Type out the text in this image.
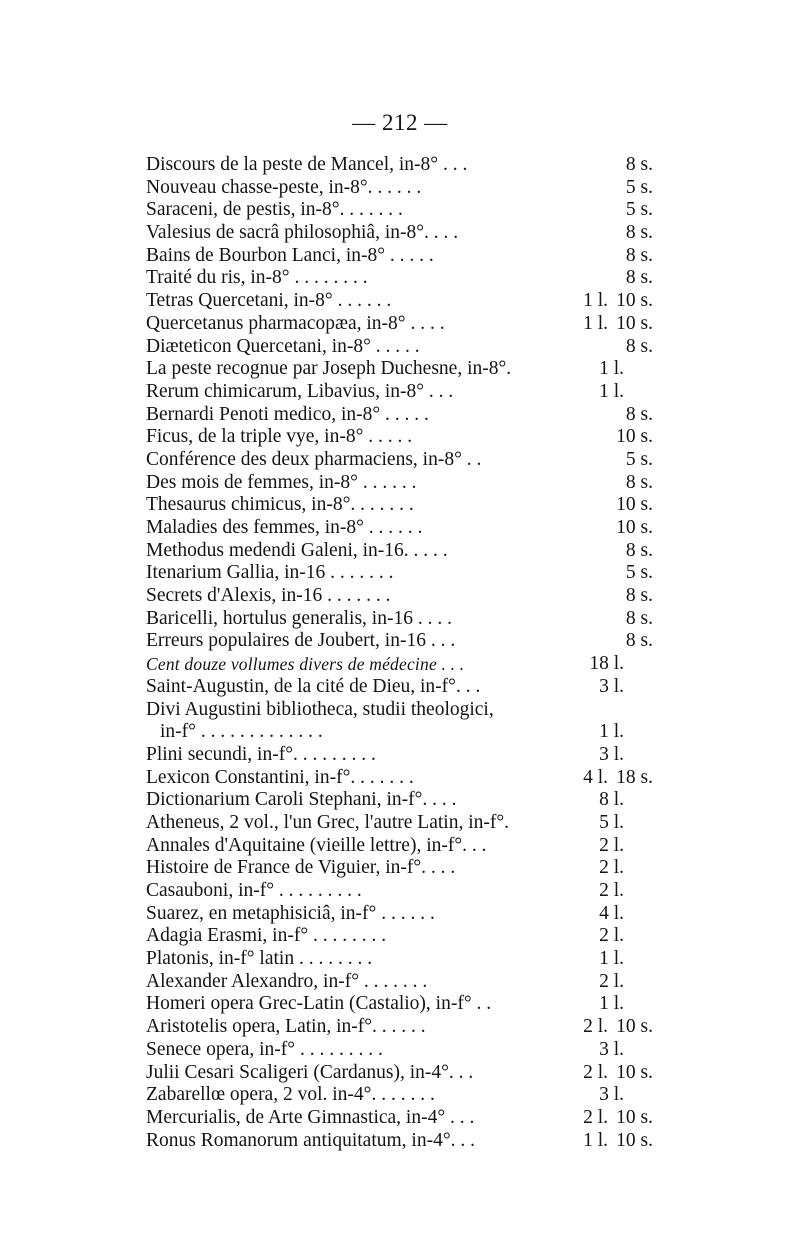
— 212 —
Discours de la peste de Mancel, in-8° . . .	8 s.
Nouveau chasse-peste, in-8°. . . . . .	5 s.
Saraceni, de pestis, in-8°. . . . . . .	5 s.
Valesius de sacrâ philosophiâ, in-8°. . . .	8 s.
Bains de Bourbon Lanci, in-8° . . . . .	8 s.
Traité du ris, in-8° . . . . . . . .	8 s.
Tetras Quercetani, in-8° . . . . . .	1 l. 10 s.
Quercetanus pharmacopæa, in-8° . . . .	1 l. 10 s.
Diæteticon Quercetani, in-8° . . . . .	8 s.
La peste recognue par Joseph Duchesne, in-8°.	1 l.
Rerum chimicarum, Libavius, in-8° . . .	1 l.
Bernardi Penoti medico, in-8° . . . . .	8 s.
Ficus, de la triple vye, in-8° . . . . .	10 s.
Conférence des deux pharmaciens, in-8° . .	5 s.
Des mois de femmes, in-8° . . . . . .	8 s.
Thesaurus chimicus, in-8°. . . . . . .	10 s.
Maladies des femmes, in-8° . . . . . .	10 s.
Methodus medendi Galeni, in-16. . . . .	8 s.
Itenarium Gallia, in-16 . . . . . . .	5 s.
Secrets d'Alexis, in-16 . . . . . . .	8 s.
Baricelli, hortulus generalis, in-16 . . . .	8 s.
Erreurs populaires de Joubert, in-16 . . .	8 s.
Cent douze vollumes divers de médecine . . .	18 l.
Saint-Augustin, de la cité de Dieu, in-f°. . .	3 l.
Divi Augustini bibliotheca, studii theologici,
in-f° . . . . . . . . . . . . .	1 l.
Plini secundi, in-f°. . . . . . . . .	3 l.
Lexicon Constantini, in-f°. . . . . . .	4 l. 18 s.
Dictionarium Caroli Stephani, in-f°. . . .	8 l.
Atheneus, 2 vol., l'un Grec, l'autre Latin, in-f°.	5 l.
Annales d'Aquitaine (vieille lettre), in-f°. . .	2 l.
Histoire de France de Viguier, in-f°. . . .	2 l.
Casauboni, in-f° . . . . . . . . .	2 l.
Suarez, en metaphisiciâ, in-f° . . . . . .	4 l.
Adagia Erasmi, in-f° . . . . . . . .	2 l.
Platonis, in-f° latin . . . . . . . .	1 l.
Alexander Alexandro, in-f° . . . . . . .	2 l.
Homeri opera Grec-Latin (Castalio), in-f° . .	1 l.
Aristotelis opera, Latin, in-f°. . . . . .	2 l. 10 s.
Senece opera, in-f° . . . . . . . . .	3 l.
Julii Cesari Scaligeri (Cardanus), in-4°. . .	2 l. 10 s.
Zabarellœ opera, 2 vol. in-4°. . . . . . .	3 l.
Mercurialis, de Arte Gimnastica, in-4° . . .	2 l. 10 s.
Ronus Romanorum antiquitatum, in-4°. . .	1 l. 10 s.
